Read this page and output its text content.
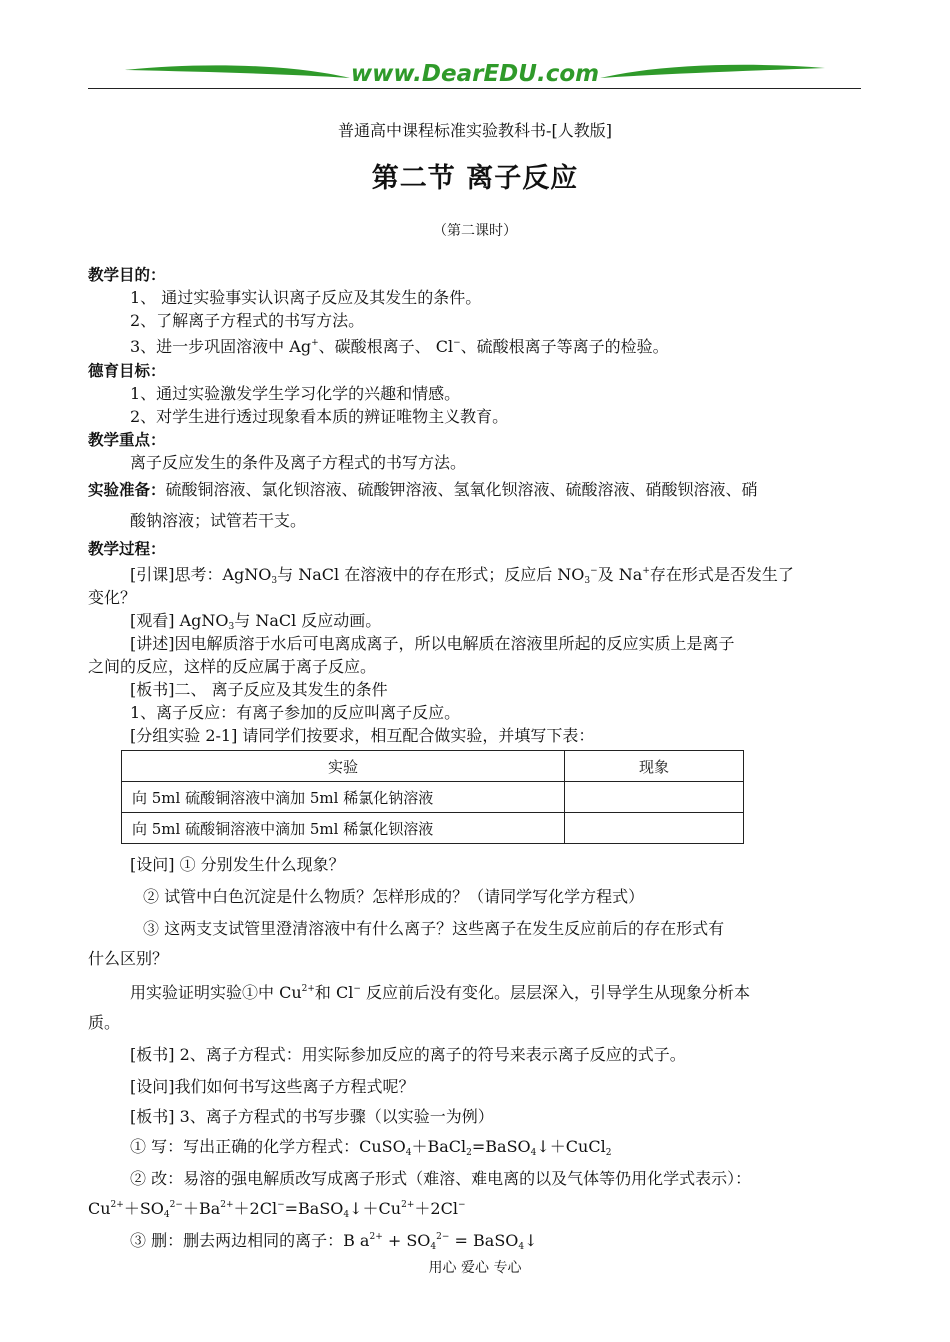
www.DearEDU.com
普通高中课程标准实验教科书-[人教版]
第二节 离子反应
（第二课时）
教学目的：
1、 通过实验事实认识离子反应及其发生的条件。
2、了解离子方程式的书写方法。
3、进一步巩固溶液中 Ag+、碳酸根离子、 Cl−、硫酸根离子等离子的检验。
德育目标：
1、通过实验激发学生学习化学的兴趣和情感。
2、对学生进行透过现象看本质的辨证唯物主义教育。
教学重点：
离子反应发生的条件及离子方程式的书写方法。
实验准备：硫酸铜溶液、氯化钡溶液、硫酸钾溶液、氢氧化钡溶液、硫酸溶液、硝酸钡溶液、硝
酸钠溶液；试管若干支。
教学过程：
[引课]思考：AgNO$_3$与 NaCl 在溶液中的存在形式；反应后 $NO_3^-$及 Na+存在形式是否发生了
变化？
[观看] AgNO$_3$与 NaCl 反应动画。
[讲述]因电解质溶于水后可电离成离子，所以电解质在溶液里所起的反应实质上是离子
之间的反应，这样的反应属于离子反应。
[板书]二、 离子反应及其发生的条件
1、离子反应：有离子参加的反应叫离子反应。
[分组实验 2-1] 请同学们按要求，相互配合做实验，并填写下表：
实验	现象
向 5ml 硫酸铜溶液中滴加 5ml 稀氯化钠溶液	
向 5ml 硫酸铜溶液中滴加 5ml 稀氯化钡溶液	
[设问] ① 分别发生什么现象？
② 试管中白色沉淀是什么物质？怎样形成的？（请同学写化学方程式）
③ 这两支支试管里澄清溶液中有什么离子？这些离子在发生反应前后的存在形式有
什么区别？
用实验证明实验①中 $Cu^{2+}$和 Cl− 反应前后没有变化。层层深入，引导学生从现象分析本
质。
[板书] 2、离子方程式：用实际参加反应的离子的符号来表示离子反应的式子。
[设问]我们如何书写这些离子方程式呢？
[板书] 3、离子方程式的书写步骤（以实验一为例）
① 写：写出正确的化学方程式：CuSO$_4$＋BaCl$_2$=BaSO$_4$↓＋CuCl$_2$
② 改：易溶的强电解质改写成离子形式（难溶、难电离的以及气体等仍用化学式表示）：
$Cu^{2+}+SO_4^{2-}+Ba^{2+}+2Cl^-=BaSO_4↓+Cu^{2+}+2Cl^-$
③ 删：删去两边相同的离子：B $a^{2+} + SO_4^{2-}$ = BaSO$_4$↓
用心 爱心 专心
